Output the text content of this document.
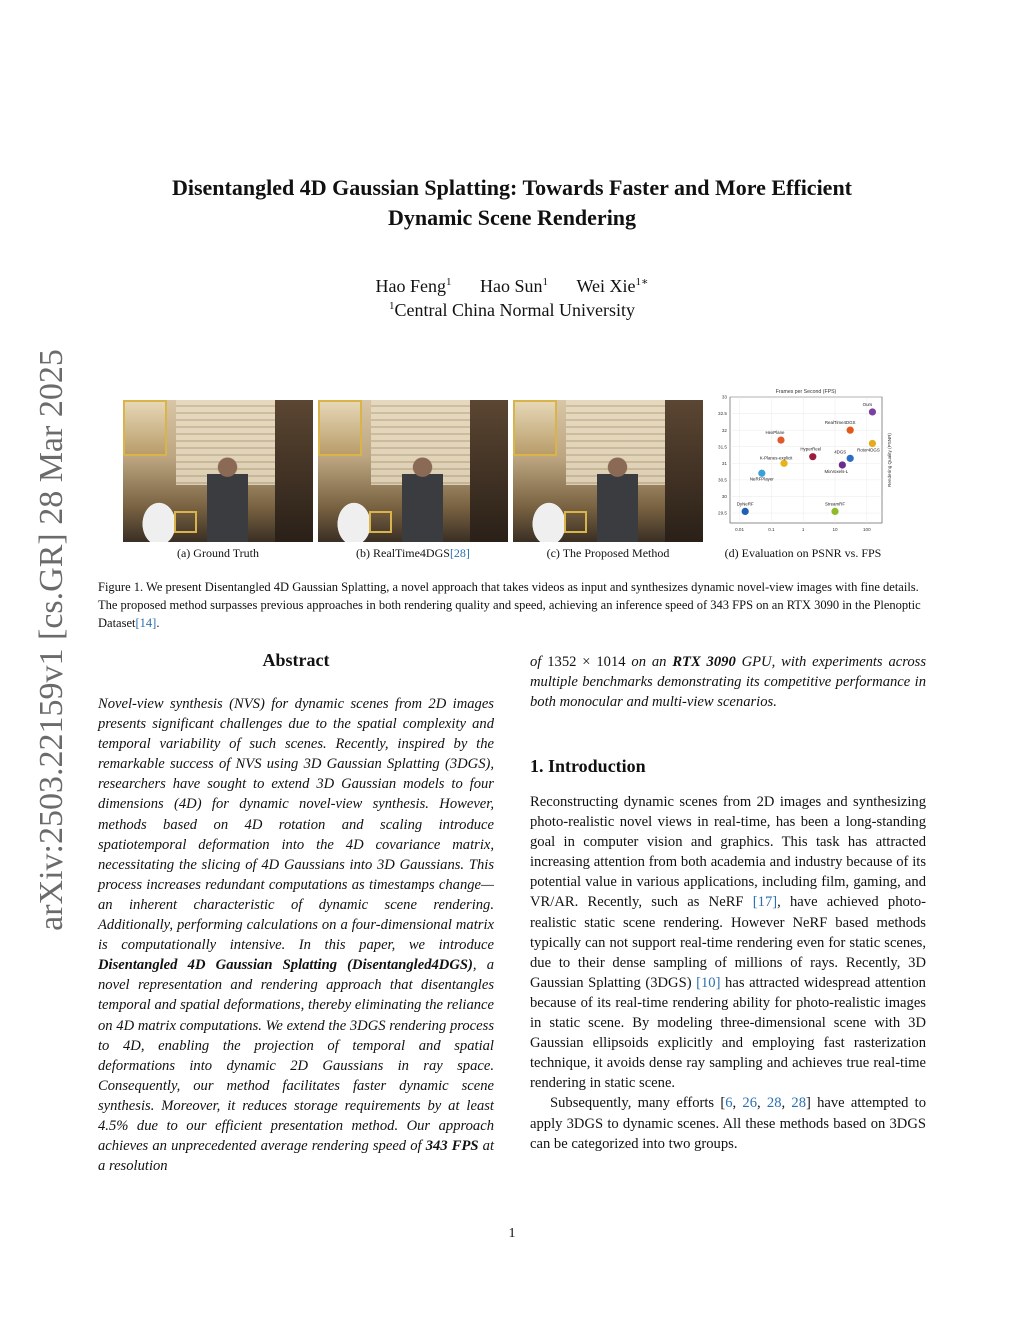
arXiv:2503.22159v1 [cs.GR] 28 Mar 2025
Disentangled 4D Gaussian Splatting: Towards Faster and More Efficient
Dynamic Scene Rendering
Hao Feng$^1$ Hao Sun$^1$ Wei Xie$^{1∗}$
$^1$Central China Normal University
Frames per Second (FPS)
Rendering Quality (PSNR)
0.01	0.1	1	10	100
29.5
30
30.5
31
31.5
32
32.5
33
Ours
RealTime4DGS
Rotor4DGS
4DGS
MixVoxels-L
HexPlane
HyperReel
K-Planes-explicit
NeRFPlayer
DyNeRF	StreamRF
(a) Ground Truth	(b) RealTime4DGS[28]	(c) The Proposed Method	(d) Evaluation on PSNR vs. FPS
Figure 1. We present Disentangled 4D Gaussian Splatting, a novel approach that takes videos as input and synthesizes dynamic novel-view images with fine details. The proposed method surpasses previous approaches in both rendering quality and speed, achieving an inference speed of 343 FPS on an RTX 3090 in the Plenoptic Dataset[14].
Abstract
Novel-view synthesis (NVS) for dynamic scenes from 2D images presents significant challenges due to the spatial complexity and temporal variability of such scenes. Recently, inspired by the remarkable success of NVS using 3D Gaussian Splatting (3DGS), researchers have sought to extend 3D Gaussian models to four dimensions (4D) for dynamic novel-view synthesis. However, methods based on 4D rotation and scaling introduce spatiotemporal deformation into the 4D covariance matrix, necessitating the slicing of 4D Gaussians into 3D Gaussians. This process increases redundant computations as timestamps change—an inherent characteristic of dynamic scene rendering. Additionally, performing calculations on a four-dimensional matrix is computationally intensive. In this paper, we introduce Disentangled 4D Gaussian Splatting (Disentangled4DGS), a novel representation and rendering approach that disentangles temporal and spatial deformations, thereby eliminating the reliance on 4D matrix computations. We extend the 3DGS rendering process to 4D, enabling the projection of temporal and spatial deformations into dynamic 2D Gaussians in ray space. Consequently, our method facilitates faster dynamic scene synthesis. Moreover, it reduces storage requirements by at least 4.5% due to our efficient presentation method. Our approach achieves an unprecedented average rendering speed of 343 FPS at a resolution
of 1352 × 1014 on an RTX 3090 GPU, with experiments across multiple benchmarks demonstrating its competitive performance in both monocular and multi-view scenarios.
1. Introduction

Reconstructing dynamic scenes from 2D images and synthesizing photo-realistic novel views in real-time, has been a long-standing goal in computer vision and graphics. This task has attracted increasing attention from both academia and industry because of its potential value in various applications, including film, gaming, and VR/AR. Recently, such as NeRF [17], have achieved photo-realistic static scene rendering. However NeRF based methods typically can not support real-time rendering even for static scenes, due to their dense sampling of millions of rays. Recently, 3D Gaussian Splatting (3DGS) [10] has attracted widespread attention because of its real-time rendering ability for photo-realistic images in static scene. By modeling three-dimensional scene with 3D Gaussian ellipsoids explicitly and employing fast rasterization technique, it avoids dense ray sampling and achieves true real-time rendering in static scene.

Subsequently, many efforts [6, 26, 28, 28] have attempted to apply 3DGS to dynamic scenes. All these methods based on 3DGS can be categorized into two groups.

1
